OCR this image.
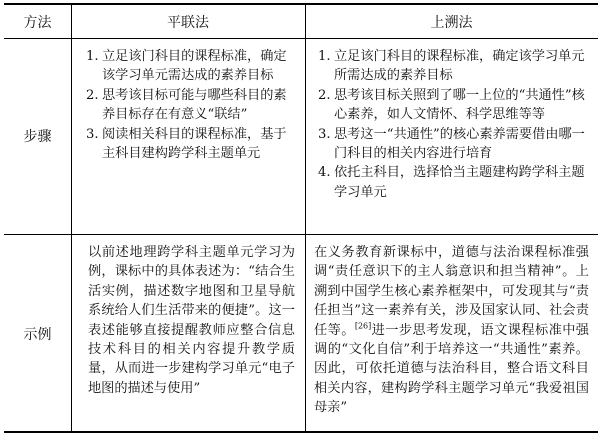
方法	平联法	上溯法
步骤
1. 立足该门科目的课程标准，确定该学习单元需达成的素养目标
2. 思考该目标可能与哪些科目的素养目标存在有意义“联结”
3. 阅读相关科目的课程标准，基于主科目建构跨学科主题单元
1. 立足该门科目的课程标准，确定该学习单元所需达成的素养目标
2. 思考该目标关照到了哪一上位的“共通性”核心素养，如人文情怀、科学思维等等
3. 思考这一“共通性”的核心素养需要借由哪一门科目的相关内容进行培育
4. 依托主科目，选择恰当主题建构跨学科主题学习单元
示例
以前述地理跨学科主题单元学习为例，课标中的具体表述为：“结合生活实例，描述数字地图和卫星导航系统给人们生活带来的便捷”。这一表述能够直接提醒教师应整合信息技术科目的相关内容提升教学质量，从而进一步建构学习单元“电子地图的描述与使用”
在义务教育新课标中，道德与法治课程标准强调“责任意识下的主人翁意识和担当精神”。上溯到中国学生核心素养框架中，可发现其与“责任担当”这一素养有关，涉及国家认同、社会责任等。[26]进一步思考发现，语文课程标准中强调的“文化自信”利于培养这一“共通性”素养。因此，可依托道德与法治科目，整合语文科目相关内容，建构跨学科主题学习单元“我爱祖国母亲”
